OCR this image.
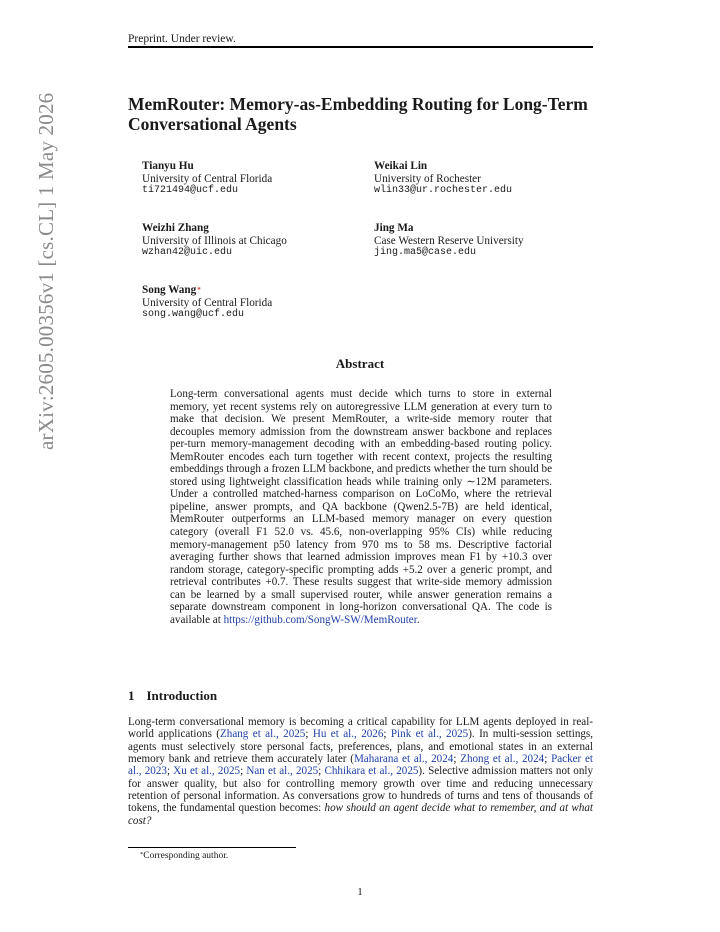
Preprint. Under review.
MemRouter: Memory-as-Embedding Routing for Long-Term Conversational Agents
Tianyu Hu
University of Central Florida
ti721494@ucf.edu
Weikai Lin
University of Rochester
wlin33@ur.rochester.edu
Weizhi Zhang
University of Illinois at Chicago
wzhan42@uic.edu
Jing Ma
Case Western Reserve University
jing.ma5@case.edu
Song Wang*
University of Central Florida
song.wang@ucf.edu
arXiv:2605.00356v1 [cs.CL] 1 May 2026	Abstract
Long-term conversational agents must decide which turns to store in external memory, yet recent systems rely on autoregressive LLM generation at every turn to make that decision. We present MemRouter, a write-side memory router that decouples memory admission from the downstream answer backbone and replaces per-turn memory-management decoding with an embedding-based routing policy. MemRouter encodes each turn together with recent context, projects the resulting embeddings through a frozen LLM backbone, and predicts whether the turn should be stored using lightweight classification heads while training only ∼12M parameters. Under a controlled matched-harness comparison on LoCoMo, where the retrieval pipeline, answer prompts, and QA backbone (Qwen2.5-7B) are held identical, MemRouter outperforms an LLM-based memory manager on every question category (overall F1 52.0 vs. 45.6, non-overlapping 95% CIs) while reducing memory-management p50 latency from 970 ms to 58 ms. Descriptive factorial averaging further shows that learned admission improves mean F1 by +10.3 over random storage, category-specific prompting adds +5.2 over a generic prompt, and retrieval contributes +0.7. These results suggest that write-side memory admission can be learned by a small supervised router, while answer generation remains a separate downstream component in long-horizon conversational QA. The code is available at https://github.com/SongW-SW/MemRouter.
1 Introduction
Long-term conversational memory is becoming a critical capability for LLM agents deployed in real-world applications (Zhang et al., 2025; Hu et al., 2026; Pink et al., 2025). In multi-session settings, agents must selectively store personal facts, preferences, plans, and emotional states in an external memory bank and retrieve them accurately later (Maharana et al., 2024; Zhong et al., 2024; Packer et al., 2023; Xu et al., 2025; Nan et al., 2025; Chhikara et al., 2025). Selective admission matters not only for answer quality, but also for controlling memory growth over time and reducing unnecessary retention of personal information. As conversations grow to hundreds of turns and tens of thousands of tokens, the fundamental question becomes: how should an agent decide what to remember, and at what cost?
*Corresponding author.
1
